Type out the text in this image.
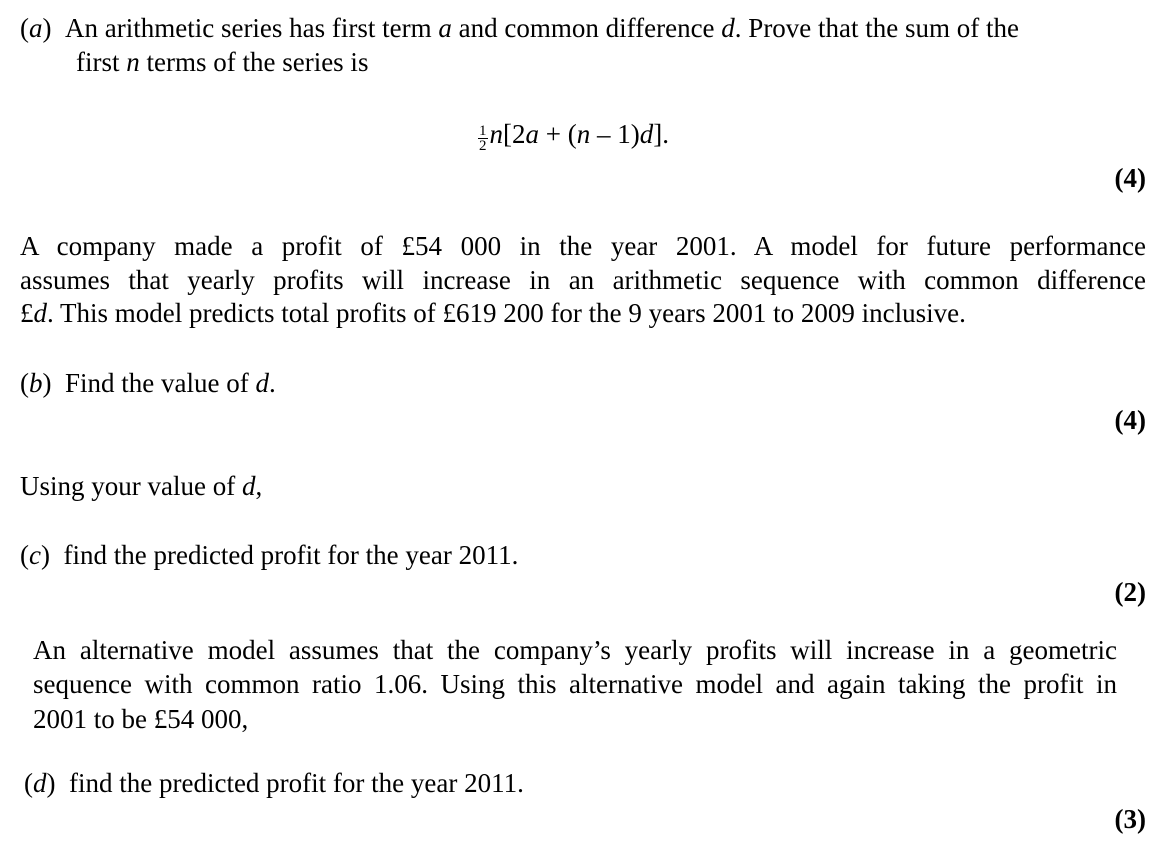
(a)  An arithmetic series has first term a and common difference d. Prove that the sum of the
first n terms of the series is
$\frac{1}{2} n[2a + (n - 1)d]$.
(4)
A company made a profit of £54 000 in the year 2001. A model for future performance
assumes that yearly profits will increase in an arithmetic sequence with common difference
£d. This model predicts total profits of £619 200 for the 9 years 2001 to 2009 inclusive.
(b)  Find the value of d.
(4)
Using your value of d,
(c)  find the predicted profit for the year 2011.
(2)
An alternative model assumes that the company’s yearly profits will increase in a geometric
sequence with common ratio 1.06. Using this alternative model and again taking the profit in
2001 to be £54 000,
(d)  find the predicted profit for the year 2011.
(3)
